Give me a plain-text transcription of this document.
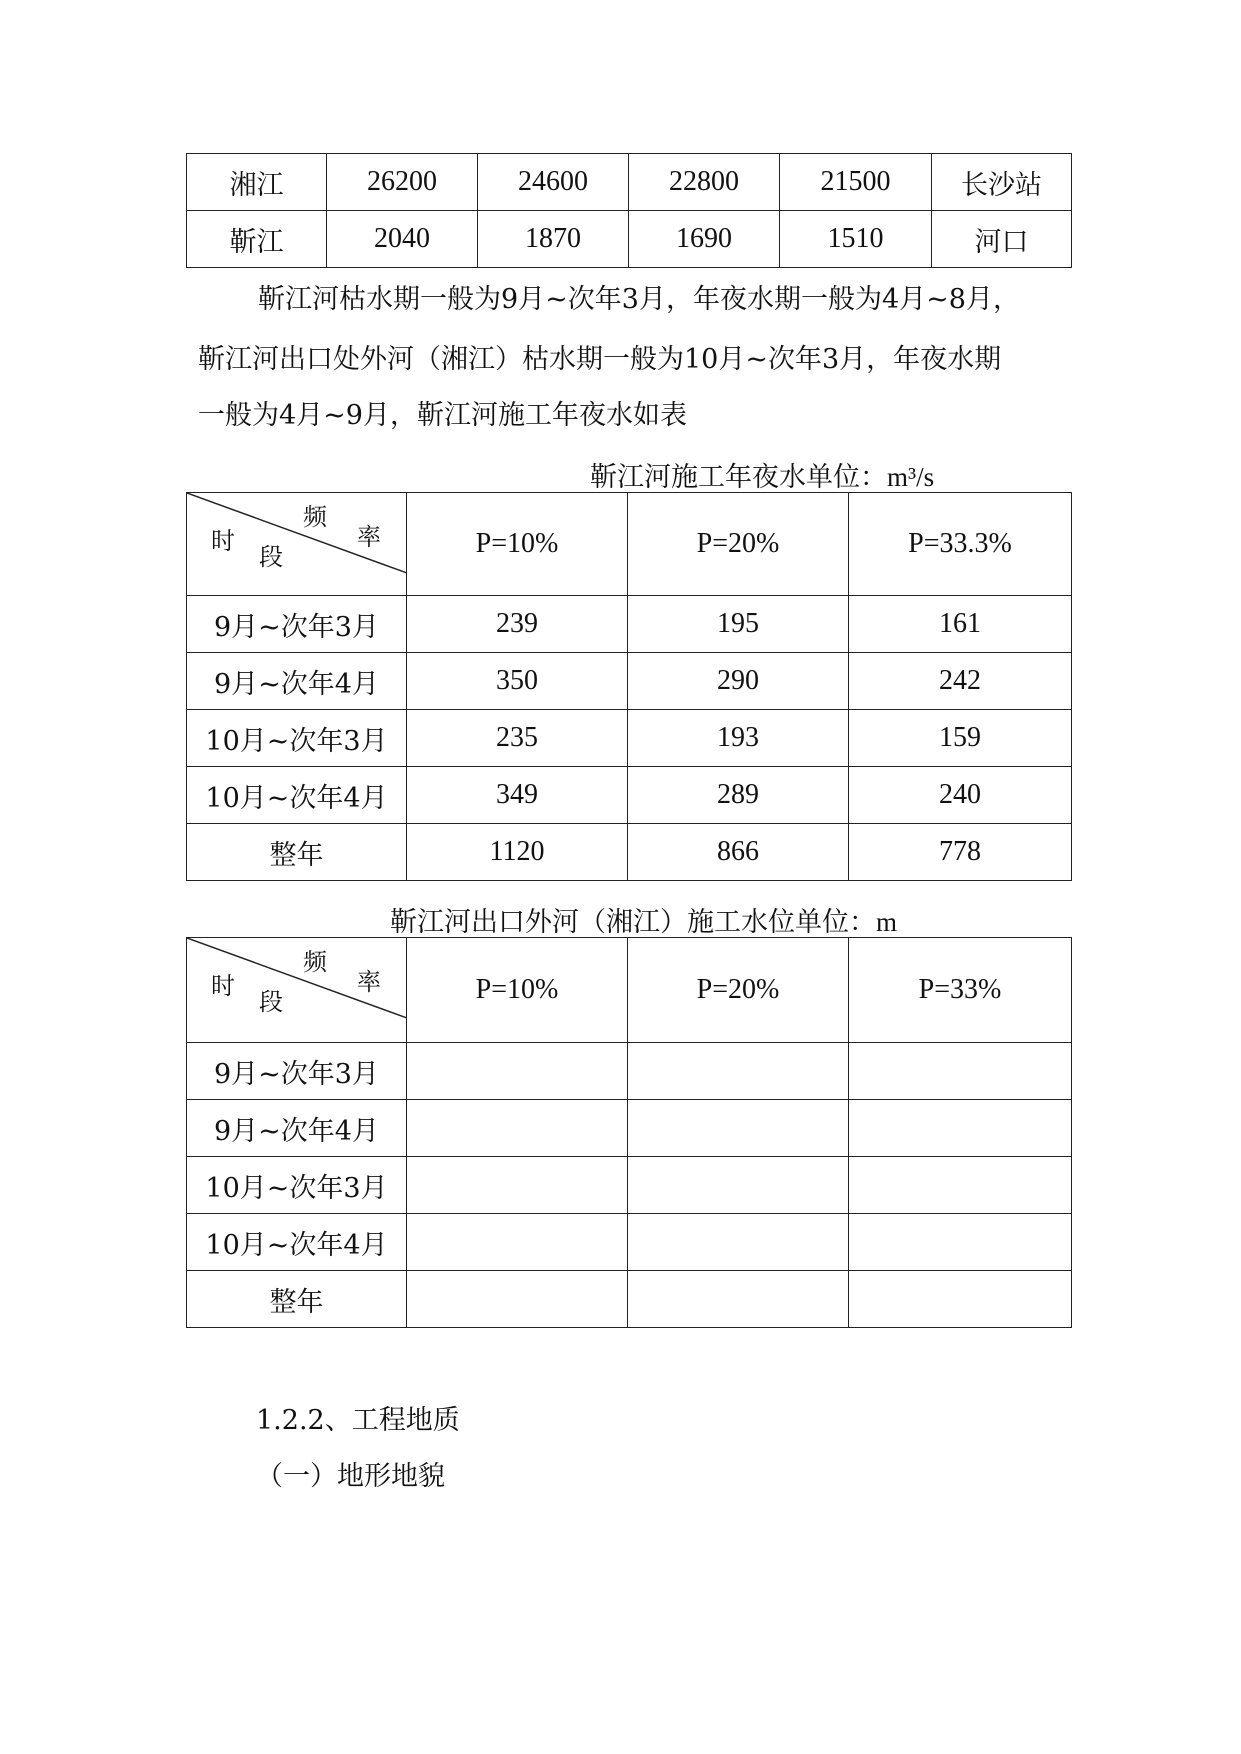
湘江	26200	24600	22800	21500	长沙站
靳江	2040	1870	1690	1510	河口

靳江河枯水期一般为9月~次年3月，年夜水期一般为4月~8月，

靳江河出口处外河（湘江）枯水期一般为10月~次年3月，年夜水期

一般为4月~9月，靳江河施工年夜水如表

靳江河施工年夜水单位：m³/s

频
率
时
段	P=10%	P=20%	P=33.3%
9月~次年3月	239	195	161
9月~次年4月	350	290	242
10月~次年3月	235	193	159
10月~次年4月	349	289	240
整年	1120	866	778

靳江河出口外河（湘江）施工水位单位：m

频
率
时
段	P=10%	P=20%	P=33%
9月~次年3月			
9月~次年4月			
10月~次年3月			
10月~次年4月			
整年			

1.2.2、工程地质

（一）地形地貌
